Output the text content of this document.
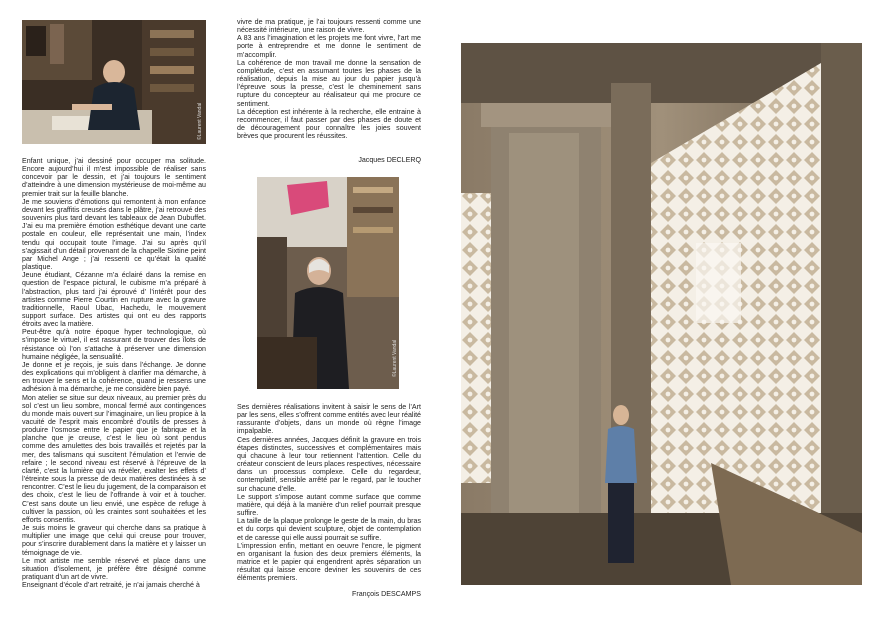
©Laurent Vandal
©Laurent Vandal

Enfant unique, j’ai dessiné pour occuper ma solitude. Encore aujourd’hui il m’est impossible de réaliser sans concevoir par le dessin, et j’ai toujours le sentiment d’atteindre à une dimension mystérieuse de moi-même au premier trait sur la feuille blanche.

Je me souviens d’émotions qui remontent à mon enfance devant les graffitis creusés dans le plâtre, j’ai retrouvé des souvenirs plus tard devant les tableaux de Jean Dubuffet. J’ai eu ma première émotion esthétique devant une carte postale en couleur, elle représentait une main, l’index tendu qui occupait toute l’image. J’ai su après qu’il s’agissait d’un détail provenant de la chapelle Sixtine peint par Michel Ange ; j’ai ressenti ce qu’était la qualité plastique.

Jeune étudiant, Cézanne m’a éclairé dans la remise en question de l’espace pictural, le cubisme m’a préparé à l’abstraction, plus tard j’ai éprouvé d’ l’intérêt pour des artistes comme Pierre Courtin en rupture avec la gravure traditionnelle, Raoul Ubac, Hachedu, le mouvement support surface. Des artistes qui ont eu des rapports étroits avec la matière.

Peut-être qu’à notre époque hyper technologique, où s’impose le virtuel, il est rassurant de trouver des îlots de résistance où l’on s’attache à préserver une dimension humaine négligée, la sensualité.

Je donne et je reçois, je suis dans l’échange. Je donne des explications qui m’obligent à clarifier ma démarche, à en trouver le sens et la cohérence, quand je ressens une adhésion à ma démarche, je me considère bien payé.

Mon atelier se situe sur deux niveaux, au premier près du sol c’est un lieu sombre, moncal fermé aux contingences du monde mais ouvert sur l’imaginaire, un lieu propice à la vacuité de l’esprit mais encombré d’outils de presses à produire l’osmose entre le papier que je fabrique et la planche que je creuse, c’est le lieu où sont pendus comme des amulettes des bois travaillés et rejetés par la mer, des talismans qui suscitent l’émulation et l’envie de refaire ; le second niveau est réservé à l’épreuve de la clarté, c’est la lumière qui va révéler, exalter les effets d’ l’étreinte sous la presse de deux matières destinées à se rencontrer. C’est le lieu du jugement, de la comparaison et des choix, c’est le lieu de l’offrande à voir et à toucher. C’est sans doute un lieu envié, une espèce de refuge à cultiver la passion, où les craintes sont souhaitées et les efforts consentis.

Je suis moins le graveur qui cherche dans sa pratique à multiplier une image que celui qui creuse pour trouver, pour s’inscrire durablement dans la matière et y laisser un témoignage de vie.

Le mot artiste me semble réservé et place dans une situation d’isolement, je préfère être désigné comme pratiquant d’un art de vivre.

Enseignant d’école d’art retraité, je n’ai jamais cherché à

vivre de ma pratique, je l’ai toujours ressenti comme une nécessité intérieure, une raison de vivre.

A 83 ans l’imagination et les projets me font vivre, l’art me porte à entreprendre et me donne le sentiment de m’accomplir.

La cohérence de mon travail me donne la sensation de complétude, c’est en assumant toutes les phases de la réalisation, depuis la mise au jour du papier jusqu’à l’épreuve sous la presse, c’est le cheminement sans rupture du concepteur au réalisateur qui me procure ce sentiment.

La déception est inhérente à la recherche, elle entraine à recommencer, il faut passer par des phases de doute et de découragement pour connaître les joies souvent brèves que procurent les réussites.

Jacques DECLERQ

Ses dernières réalisations invitent à saisir le sens de l’Art par les sens, elles s’offrent comme entités avec leur réalité rassurante d’objets, dans un monde où règne l’image impalpable.

Ces dernières années, Jacques définit la gravure en trois étapes distinctes, successives et complémentaires mais qui chacune à leur tour retiennent l’attention. Celle du créateur conscient de leurs places respectives, nécessaire dans un processus complexe. Celle du regardeur, contemplatif, sensible arrêté par le regard, par le toucher sur chacune d’elle.

Le support s’impose autant comme surface que comme matière, qui déjà à la manière d’un relief pourrait presque suffire.

La taille de la plaque prolonge le geste de la main, du bras et du corps qui devient sculpture, objet de contemplation et de caresse qui elle aussi pourrait se suffire.

L’impression enfin, mettant en oeuvre l’encre, le pigment en organisant la fusion des deux premiers éléments, la matrice et le papier qui engendrent après séparation un résultat qui laisse encore deviner les souvenirs de ces éléments premiers.

François DESCAMPS
